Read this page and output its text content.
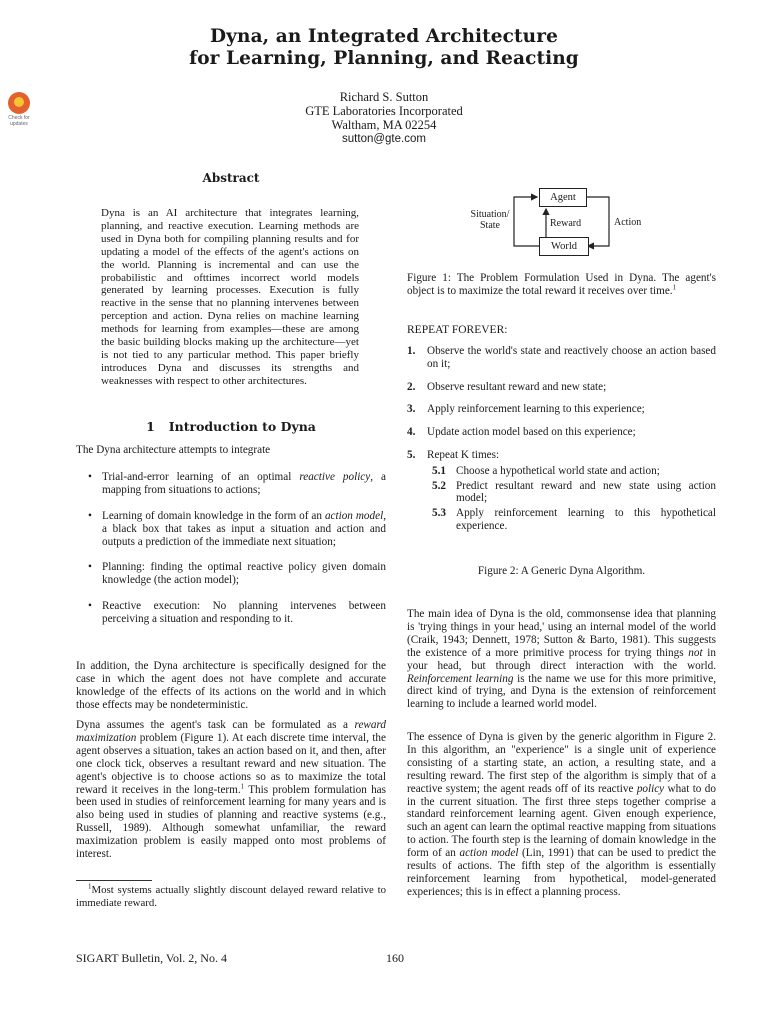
Check for
updates
Dyna, an Integrated Architecture
for Learning, Planning, and Reacting
Richard S. Sutton
GTE Laboratories Incorporated
Waltham, MA 02254
sutton@gte.com
Abstract
Dyna is an AI architecture that integrates learning, planning, and reactive execution. Learning methods are used in Dyna both for compiling planning results and for updating a model of the effects of the agent's actions on the world. Planning is incremental and can use the probabilistic and ofttimes incorrect world models generated by learning processes. Execution is fully reactive in the sense that no planning intervenes between perception and action. Dyna relies on machine learning methods for learning from examples—these are among the basic building blocks making up the architecture—yet is not tied to any particular method. This paper briefly introduces Dyna and discusses its strengths and weaknesses with respect to other architectures.
1 Introduction to Dyna

The Dyna architecture attempts to integrate

• Trial-and-error learning of an optimal reactive policy, a mapping from situations to actions;
• Learning of domain knowledge in the form of an action model, a black box that takes as input a situation and action and outputs a prediction of the immediate next situation;
• Planning: finding the optimal reactive policy given domain knowledge (the action model);
• Reactive execution: No planning intervenes between perceiving a situation and responding to it.
In addition, the Dyna architecture is specifically designed for the case in which the agent does not have complete and accurate knowledge of the effects of its actions on the world and in which those effects may be nondeterministic.
Dyna assumes the agent's task can be formulated as a reward maximization problem (Figure 1). At each discrete time interval, the agent observes a situation, takes an action based on it, and then, after one clock tick, observes a resultant reward and new situation. The agent's objective is to choose actions so as to maximize the total reward it receives in the long-term.$^1$ This problem formulation has been used in studies of reinforcement learning for many years and is also being used in studies of planning and reactive systems (e.g., Russell, 1989). Although somewhat unfamiliar, the reward maximization problem is easily mapped onto most problems of interest.
$^1$Most systems actually slightly discount delayed reward relative to immediate reward.
Agent
World
Reward
Situation/
State	Action
Figure 1: The Problem Formulation Used in Dyna. The agent's object is to maximize the total reward it receives over time.$^1$
REPEAT FOREVER:
1. Observe the world's state and reactively choose an action based on it;
2. Observe resultant reward and new state;
3. Apply reinforcement learning to this experience;
4. Update action model based on this experience;
5. Repeat K times:
5.1 Choose a hypothetical world state and action;
5.2 Predict resultant reward and new state using action model;
5.3 Apply reinforcement learning to this hypothetical experience.
Figure 2: A Generic Dyna Algorithm.
The main idea of Dyna is the old, commonsense idea that planning is 'trying things in your head,' using an internal model of the world (Craik, 1943; Dennett, 1978; Sutton & Barto, 1981). This suggests the existence of a more primitive process for trying things not in your head, but through direct interaction with the world. Reinforcement learning is the name we use for this more primitive, direct kind of trying, and Dyna is the extension of reinforcement learning to include a learned world model.
The essence of Dyna is given by the generic algorithm in Figure 2. In this algorithm, an "experience" is a single unit of experience consisting of a starting state, an action, a resulting state, and a resulting reward. The first step of the algorithm is simply that of a reactive system; the agent reads off of its reactive policy what to do in the current situation. The first three steps together comprise a standard reinforcement learning agent. Given enough experience, such an agent can learn the optimal reactive mapping from situations to action. The fourth step is the learning of domain knowledge in the form of an action model (Lin, 1991) that can be used to predict the results of actions. The fifth step of the algorithm is essentially reinforcement learning from hypothetical, model-generated experiences; this is in effect a planning process.
SIGART Bulletin, Vol. 2, No. 4	160
